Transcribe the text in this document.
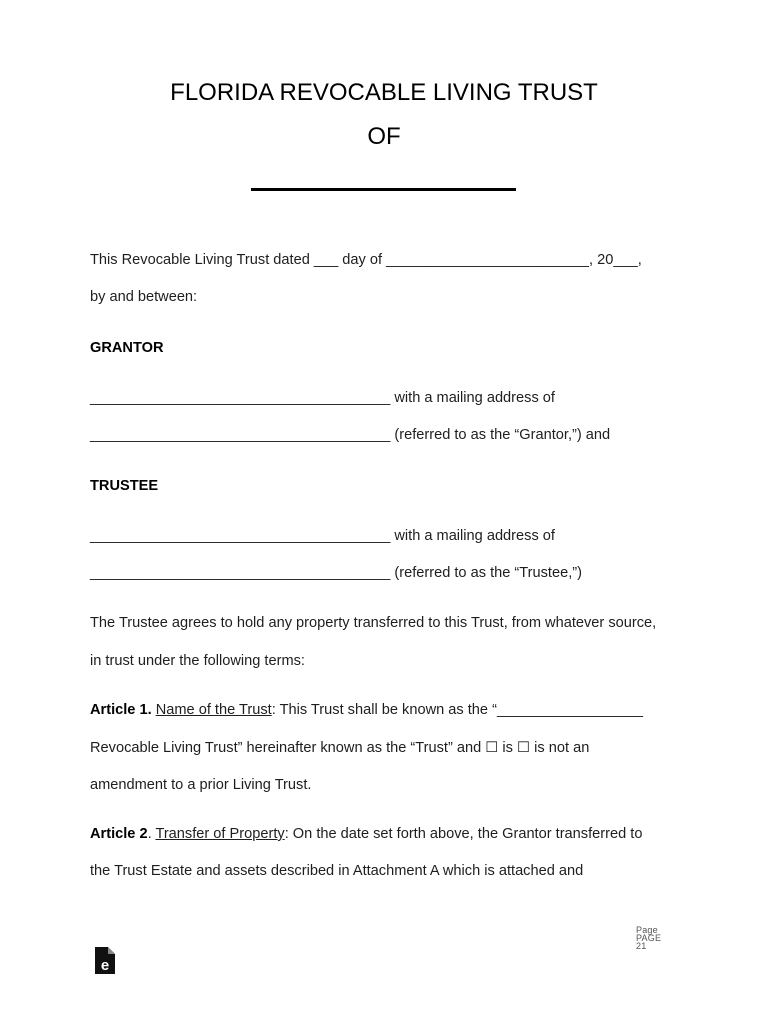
FLORIDA REVOCABLE LIVING TRUST
OF
This Revocable Living Trust dated ___ day of _________________________, 20___,
by and between:
GRANTOR
_____________________________________ with a mailing address of
_____________________________________ (referred to as the “Grantor,”) and
TRUSTEE
_____________________________________ with a mailing address of
_____________________________________ (referred to as the “Trustee,”)
The Trustee agrees to hold any property transferred to this Trust, from whatever source,
in trust under the following terms:
Article 1. Name of the Trust: This Trust shall be known as the “__________________
Revocable Living Trust” hereinafter known as the “Trust” and ☐ is ☐ is not an
amendment to a prior Living Trust.
Article 2. Transfer of Property: On the date set forth above, the Grantor transferred to
the Trust Estate and assets described in Attachment A which is attached and
Page
PAGE
21
e
